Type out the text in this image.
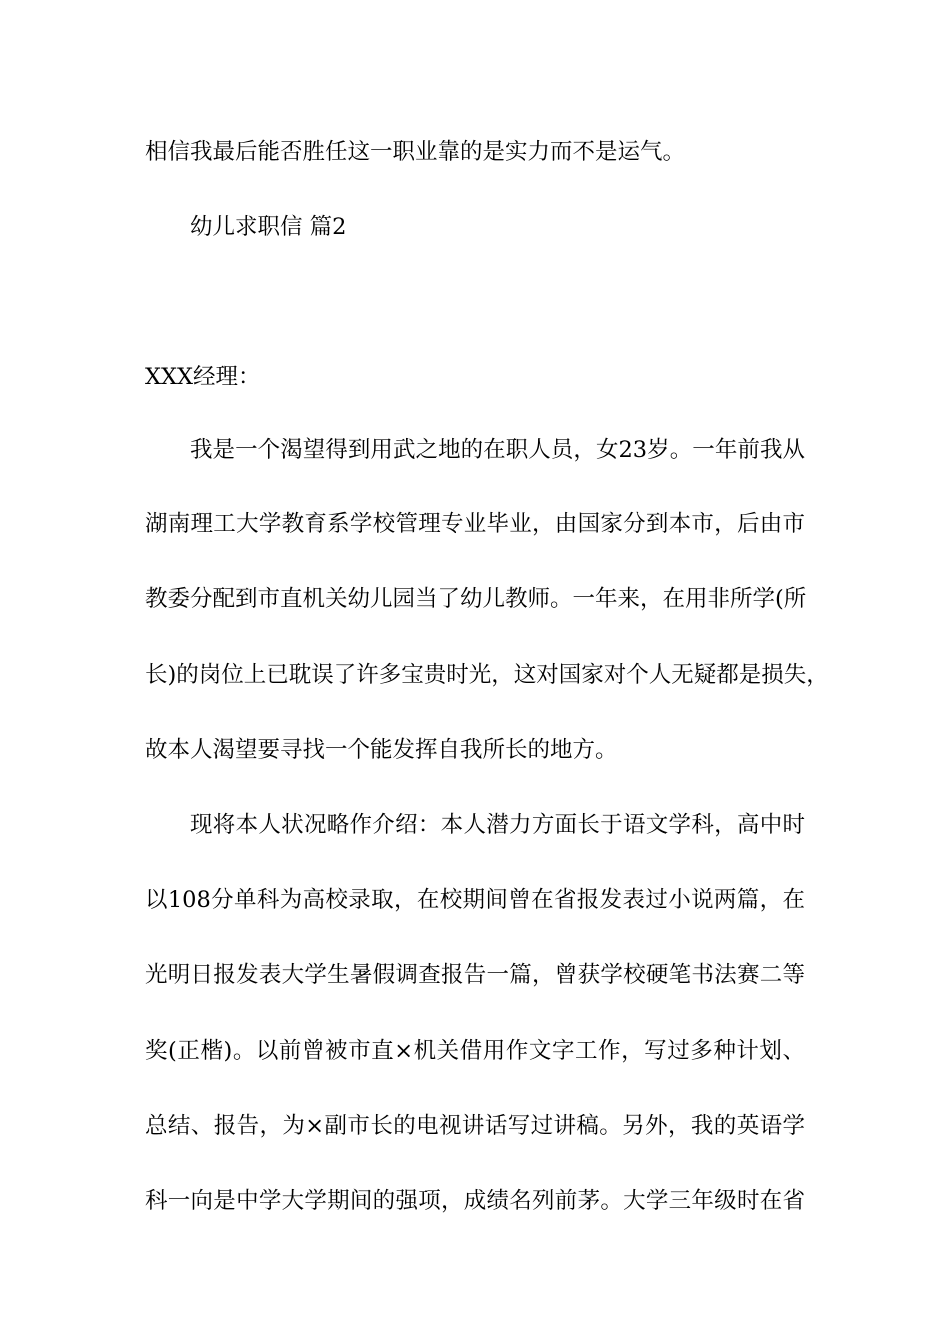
相信我最后能否胜任这一职业靠的是实力而不是运气。
幼儿求职信 篇2
XXX经理：
我是一个渴望得到用武之地的在职人员，女23岁。一年前我从
湖南理工大学教育系学校管理专业毕业，由国家分到本市，后由市
教委分配到市直机关幼儿园当了幼儿教师。一年来，在用非所学(所
长)的岗位上已耽误了许多宝贵时光，这对国家对个人无疑都是损失，
故本人渴望要寻找一个能发挥自我所长的地方。
现将本人状况略作介绍：本人潜力方面长于语文学科，高中时
以108分单科为高校录取，在校期间曾在省报发表过小说两篇，在
光明日报发表大学生暑假调查报告一篇，曾获学校硬笔书法赛二等
奖(正楷)。以前曾被市直×机关借用作文字工作，写过多种计划、
总结、报告，为×副市长的电视讲话写过讲稿。另外，我的英语学
科一向是中学大学期间的强项，成绩名列前茅。大学三年级时在省
